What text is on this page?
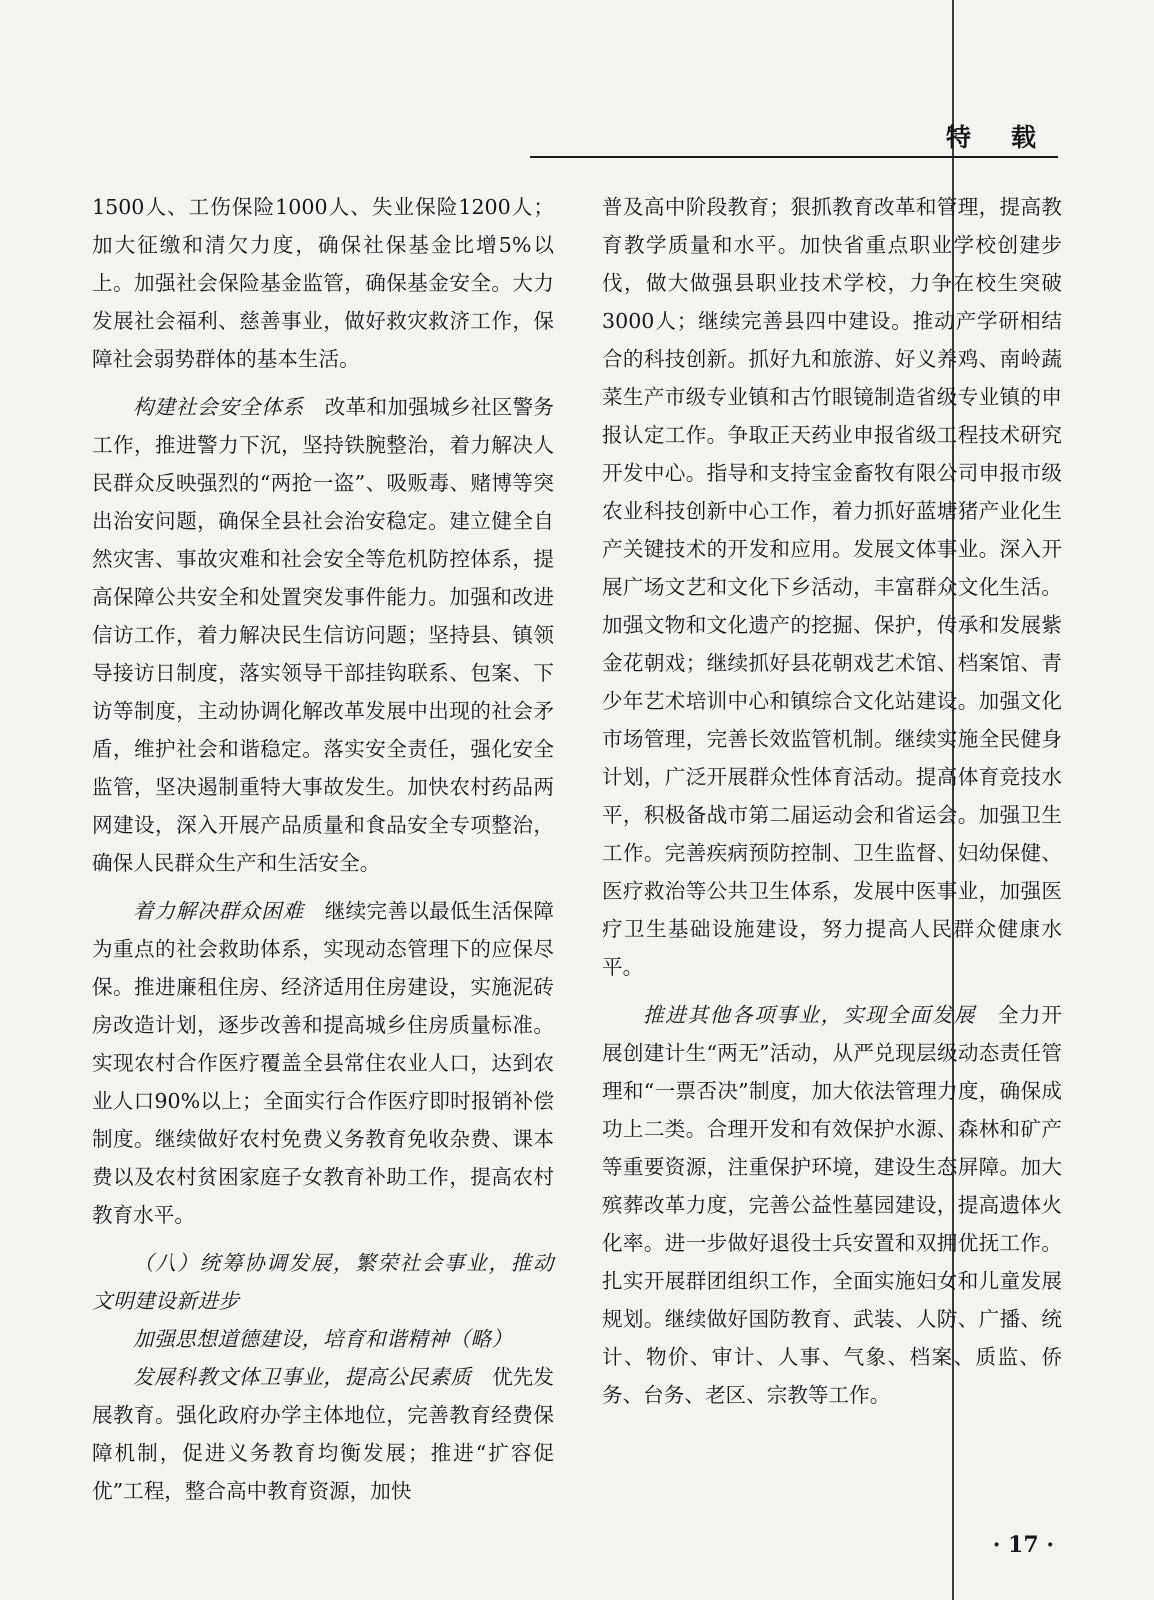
特 载

1500人、工伤保险1000人、失业保险1200人；加大征缴和清欠力度，确保社保基金比增5%以上。加强社会保险基金监管，确保基金安全。大力发展社会福利、慈善事业，做好救灾救济工作，保障社会弱势群体的基本生活。

构建社会安全体系　 改革和加强城乡社区警务工作，推进警力下沉，坚持铁腕整治，着力解决人民群众反映强烈的“两抢一盗”、吸贩毒、赌博等突出治安问题，确保全县社会治安稳定。建立健全自然灾害、事故灾难和社会安全等危机防控体系，提高保障公共安全和处置突发事件能力。加强和改进信访工作，着力解决民生信访问题；坚持县、镇领导接访日制度，落实领导干部挂钩联系、包案、下访等制度，主动协调化解改革发展中出现的社会矛盾，维护社会和谐稳定。落实安全责任，强化安全监管，坚决遏制重特大事故发生。加快农村药品两网建设，深入开展产品质量和食品安全专项整治，确保人民群众生产和生活安全。

着力解决群众困难　 继续完善以最低生活保障为重点的社会救助体系，实现动态管理下的应保尽保。推进廉租住房、经济适用住房建设，实施泥砖房改造计划，逐步改善和提高城乡住房质量标准。实现农村合作医疗覆盖全县常住农业人口，达到农业人口90%以上；全面实行合作医疗即时报销补偿制度。继续做好农村免费义务教育免收杂费、课本费以及农村贫困家庭子女教育补助工作，提高农村教育水平。

（八）统筹协调发展，繁荣社会事业，推动文明建设新进步

加强思想道德建设，培育和谐精神（略）

发展科教文体卫事业，提高公民素质　 优先发展教育。强化政府办学主体地位，完善教育经费保障机制，促进义务教育均衡发展；推进“扩容促优”工程，整合高中教育资源，加快

普及高中阶段教育；狠抓教育改革和管理，提高教育教学质量和水平。加快省重点职业学校创建步伐，做大做强县职业技术学校，力争在校生突破3000人；继续完善县四中建设。推动产学研相结合的科技创新。抓好九和旅游、好义养鸡、南岭蔬菜生产市级专业镇和古竹眼镜制造省级专业镇的申报认定工作。争取正天药业申报省级工程技术研究开发中心。指导和支持宝金畜牧有限公司申报市级农业科技创新中心工作，着力抓好蓝塘猪产业化生产关键技术的开发和应用。发展文体事业。深入开展广场文艺和文化下乡活动，丰富群众文化生活。加强文物和文化遗产的挖掘、保护，传承和发展紫金花朝戏；继续抓好县花朝戏艺术馆、档案馆、青少年艺术培训中心和镇综合文化站建设。加强文化市场管理，完善长效监管机制。继续实施全民健身计划，广泛开展群众性体育活动。提高体育竞技水平，积极备战市第二届运动会和省运会。加强卫生工作。完善疾病预防控制、卫生监督、妇幼保健、医疗救治等公共卫生体系，发展中医事业，加强医疗卫生基础设施建设，努力提高人民群众健康水平。

推进其他各项事业，实现全面发展　 全力开展创建计生“两无”活动，从严兑现层级动态责任管理和“一票否决”制度，加大依法管理力度，确保成功上二类。合理开发和有效保护水源、森林和矿产等重要资源，注重保护环境，建设生态屏障。加大殡葬改革力度，完善公益性墓园建设，提高遗体火化率。进一步做好退役士兵安置和双拥优抚工作。扎实开展群团组织工作，全面实施妇女和儿童发展规划。继续做好国防教育、武装、人防、广播、统计、物价、审计、人事、气象、档案、质监、侨务、台务、老区、宗教等工作。

· 17 ·
